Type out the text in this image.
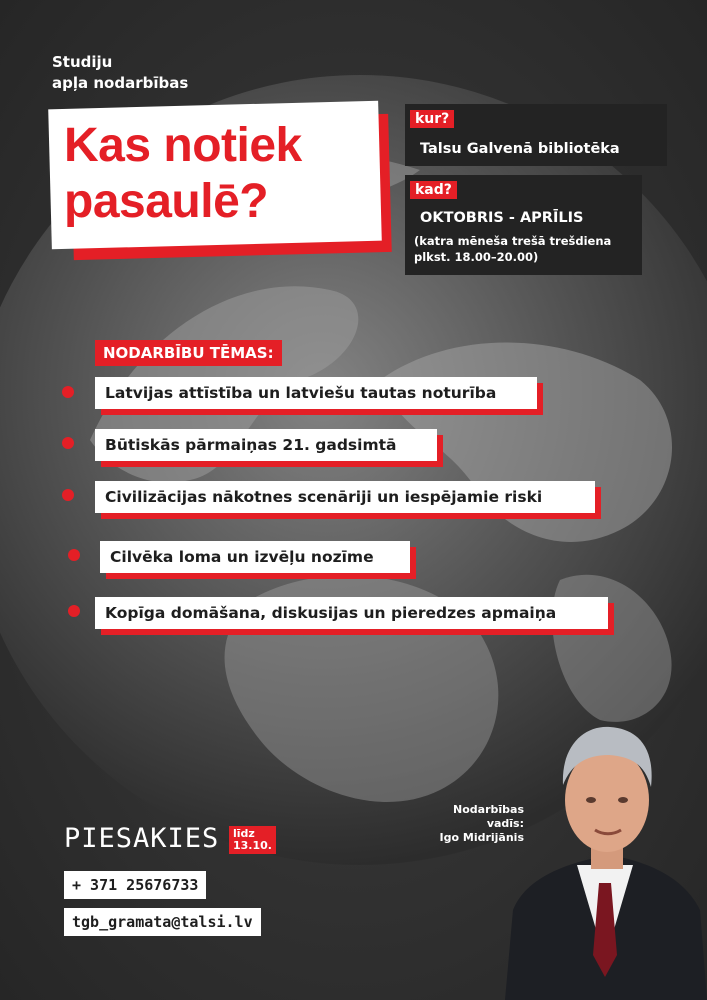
Studiju
apļa nodarbības
Kas notiek
pasaulē?
kur?
Talsu Galvenā bibliotēka
kad?
OKTOBRIS - APRĪLIS
(katra mēneša trešā trešdiena
plkst. 18.00–20.00)
NODARBĪBU TĒMAS:
Latvijas attīstība un latviešu tautas noturība
Būtiskās pārmaiņas 21. gadsimtā
Civilizācijas nākotnes scenāriji un iespējamie riski
Cilvēka loma un izvēļu nozīme
Kopīga domāšana, diskusijas un pieredzes apmaiņa
PIESAKIES līdz
13.10.
+ 371 25676733
tgb_gramata@talsi.lv
Nodarbības
vadīs:
Igo Midrijānis
